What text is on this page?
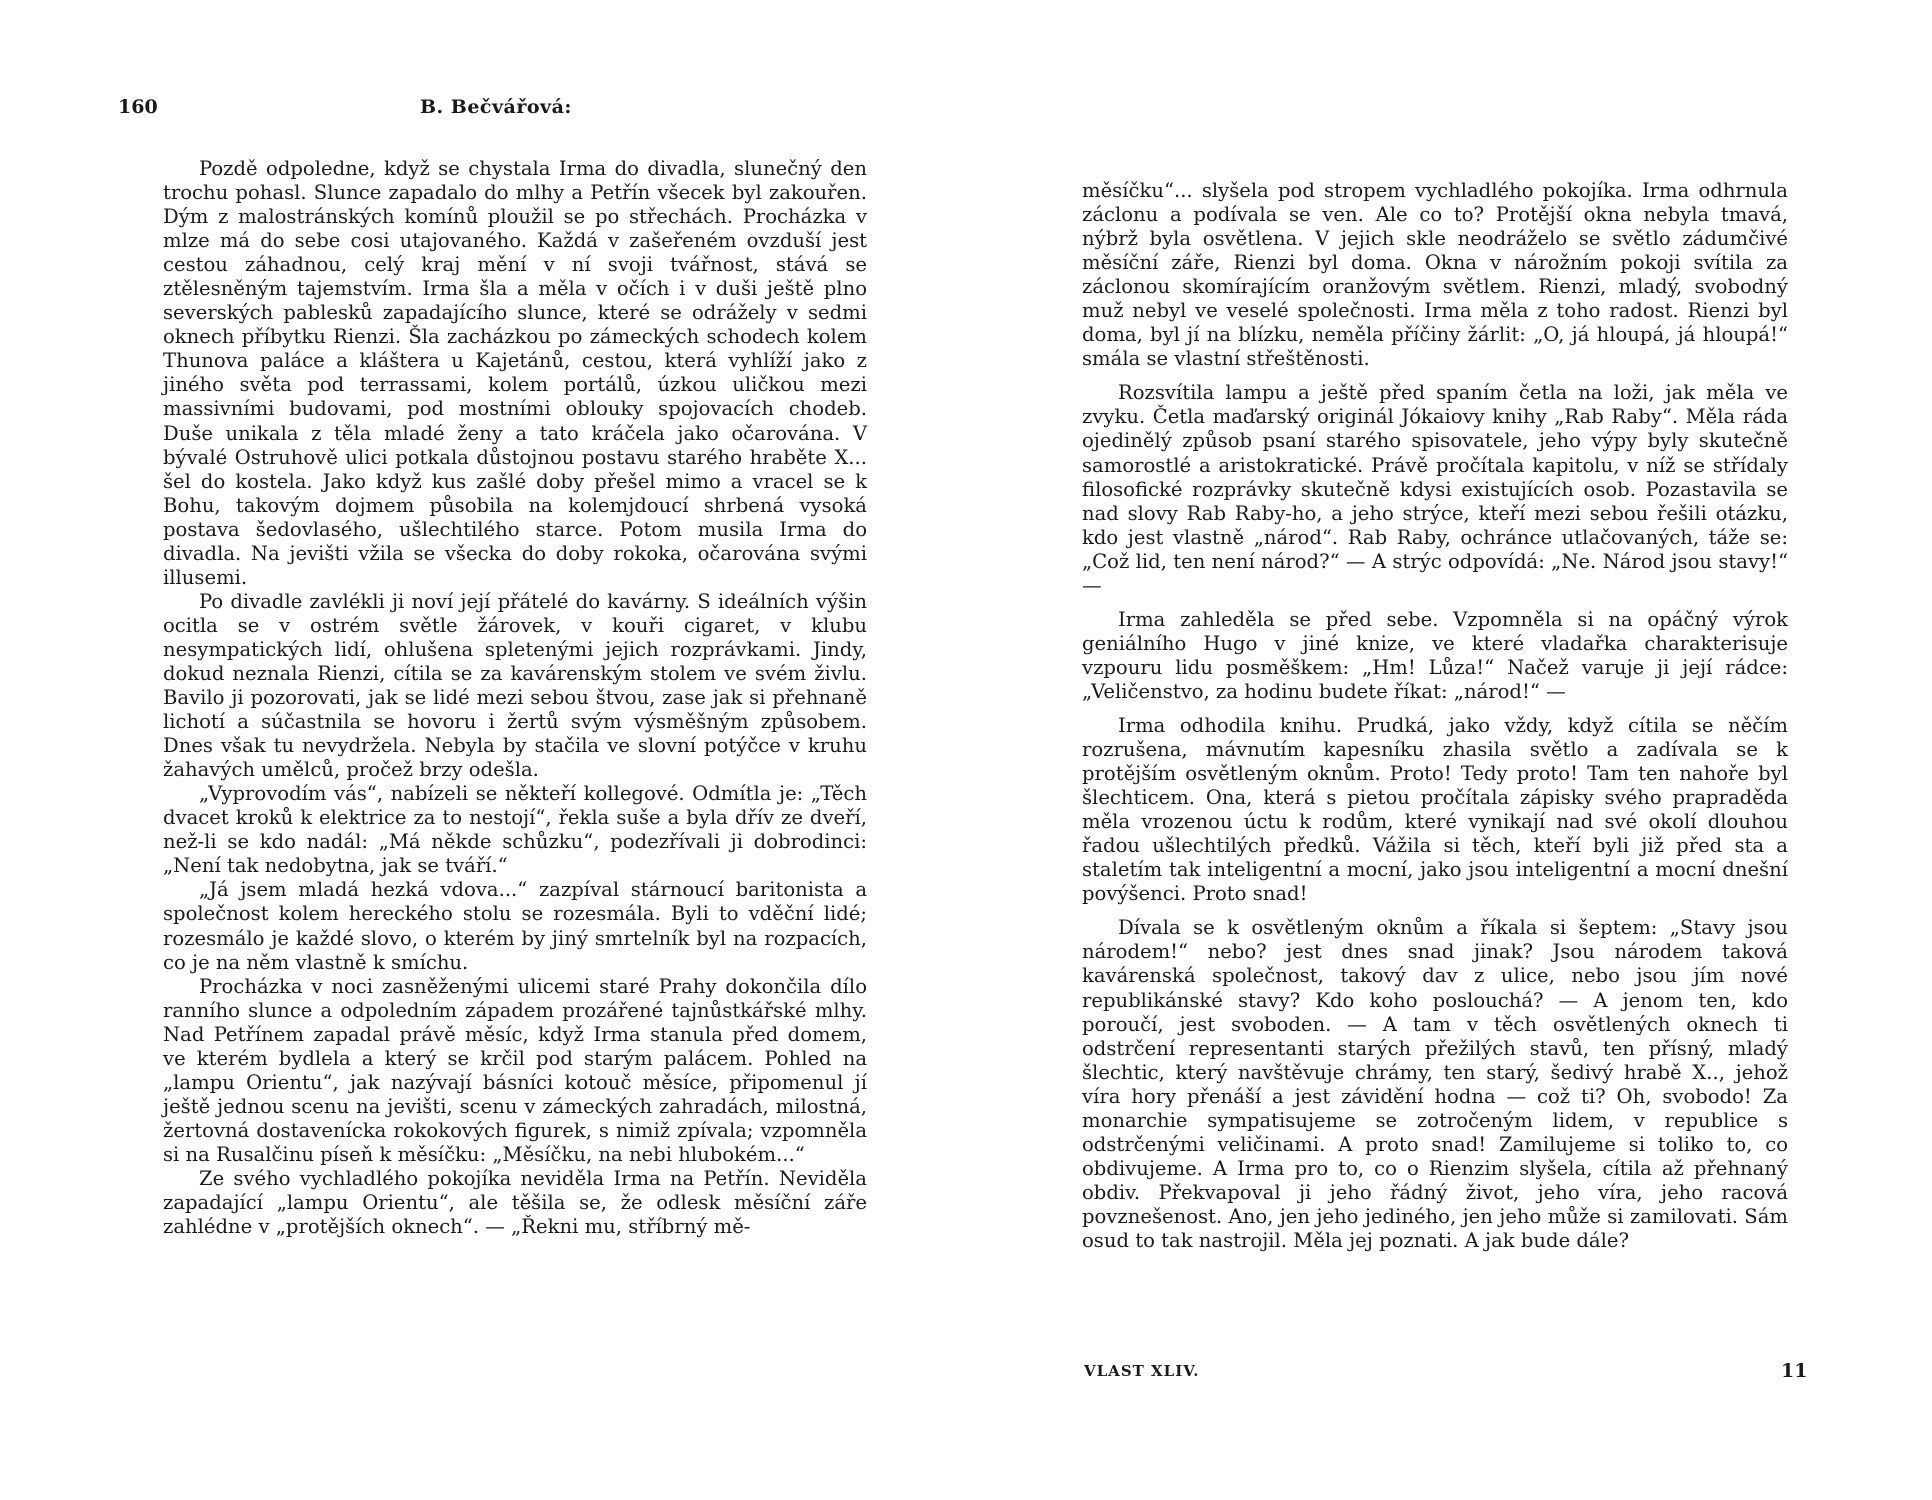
160	B. Bečvářová:

Pozdě odpoledne, když se chystala Irma do divadla, slunečný den trochu pohasl. Slunce zapadalo do mlhy a Petřín všecek byl zakouřen. Dým z malostránských komínů ploužil se po střechách. Procházka v mlze má do sebe cosi utajovaného. Každá v zašeřeném ovzduší jest cestou záhadnou, celý kraj mění v ní svoji tvářnost, stává se ztělesněným tajemstvím. Irma šla a měla v očích i v duši ještě plno severských pablesků zapadajícího slunce, které se odrážely v sedmi oknech příbytku Rienzi. Šla zacházkou po zámeckých schodech kolem Thunova paláce a kláštera u Kajetánů, cestou, která vyhlíží jako z jiného světa pod terrassami, kolem portálů, úzkou uličkou mezi massivními budovami, pod mostními oblouky spojovacích chodeb. Duše unikala z těla mladé ženy a tato kráčela jako očarována. V bývalé Ostruhově ulici potkala důstojnou postavu starého hraběte X... šel do kostela. Jako když kus zašlé doby přešel mimo a vracel se k Bohu, takovým dojmem působila na kolemjdoucí shrbená vysoká postava šedovlasého, ušlechtilého starce. Potom musila Irma do divadla. Na jevišti vžila se všecka do doby rokoka, očarována svými illusemi.

Po divadle zavlékli ji noví její přátelé do kavárny. S ideálních výšin ocitla se v ostrém světle žárovek, v kouři cigaret, v klubu nesympatických lidí, ohlušena spletenými jejich rozprávkami. Jindy, dokud neznala Rienzi, cítila se za kavárenským stolem ve svém živlu. Bavilo ji pozorovati, jak se lidé mezi sebou štvou, zase jak si přehnaně lichotí a súčastnila se hovoru i žertů svým výsměšným způsobem. Dnes však tu nevydržela. Nebyla by stačila ve slovní potýčce v kruhu žahavých umělců, pročež brzy odešla.

„Vyprovodím vás“, nabízeli se někteří kollegové. Odmítla je: „Těch dvacet kroků k elektrice za to nestojí“, řekla suše a byla dřív ze dveří, než-li se kdo nadál: „Má někde schůzku“, podezřívali ji dobrodinci: „Není tak nedobytna, jak se tváří.“

„Já jsem mladá hezká vdova...“ zazpíval stárnoucí baritonista a společnost kolem hereckého stolu se rozesmála. Byli to vděční lidé; rozesmálo je každé slovo, o kterém by jiný smrtelník byl na rozpacích, co je na něm vlastně k smíchu.

Procházka v noci zasněženými ulicemi staré Prahy dokončila dílo ranního slunce a odpoledním západem prozářené tajnůstkářské mlhy. Nad Petřínem zapadal právě měsíc, když Irma stanula před domem, ve kterém bydlela a který se krčil pod starým palácem. Pohled na „lampu Orientu“, jak nazývají básníci kotouč měsíce, připomenul jí ještě jednou scenu na jevišti, scenu v zámeckých zahradách, milostná, žertovná dostavenícka rokokových figurek, s nimiž zpívala; vzpomněla si na Rusalčinu píseň k měsíčku: „Měsíčku, na nebi hlubokém...“

Ze svého vychladlého pokojíka neviděla Irma na Petřín. Neviděla zapadající „lampu Orientu“, ale těšila se, že odlesk měsíční záře zahlédne v „protějších oknech“. — „Řekni mu, stříbrný mě-

měsíčku“... slyšela pod stropem vychladlého pokojíka. Irma odhrnula záclonu a podívala se ven. Ale co to? Protější okna nebyla tmavá, nýbrž byla osvětlena. V jejich skle neodráželo se světlo zádumčivé měsíční záře, Rienzi byl doma. Okna v nárožním pokoji svítila za záclonou skomírajícím oranžovým světlem. Rienzi, mladý, svobodný muž nebyl ve veselé společnosti. Irma měla z toho radost. Rienzi byl doma, byl jí na blízku, neměla příčiny žárlit: „O, já hloupá, já hloupá!“ smála se vlastní střeštěnosti.

Rozsvítila lampu a ještě před spaním četla na loži, jak měla ve zvyku. Četla maďarský originál Jókaiovy knihy „Rab Raby“. Měla ráda ojedinělý způsob psaní starého spisovatele, jeho výpy byly skutečně samorostlé a aristokratické. Právě pročítala kapitolu, v níž se střídaly filosofické rozprávky skutečně kdysi existujících osob. Pozastavila se nad slovy Rab Raby-ho, a jeho strýce, kteří mezi sebou řešili otázku, kdo jest vlastně „národ“. Rab Raby, ochránce utlačovaných, táže se: „Což lid, ten není národ?“ — A strýc odpovídá: „Ne. Národ jsou stavy!“ —

Irma zahleděla se před sebe. Vzpomněla si na opáčný výrok geniálního Hugo v jiné knize, ve které vladařka charakterisuje vzpouru lidu posměškem: „Hm! Lůza!“ Načež varuje ji její rádce: „Veličenstvo, za hodinu budete říkat: „národ!“ —

Irma odhodila knihu. Prudká, jako vždy, když cítila se něčím rozrušena, mávnutím kapesníku zhasila světlo a zadívala se k protějším osvětleným oknům. Proto! Tedy proto! Tam ten nahoře byl šlechticem. Ona, která s pietou pročítala zápisky svého prapraděda měla vrozenou úctu k rodům, které vynikají nad své okolí dlouhou řadou ušlechtilých předků. Vážila si těch, kteří byli již před sta a staletím tak inteligentní a mocní, jako jsou inteligentní a mocní dnešní povýšenci. Proto snad!

Dívala se k osvětleným oknům a říkala si šeptem: „Stavy jsou národem!“ nebo? jest dnes snad jinak? Jsou národem taková kavárenská společnost, takový dav z ulice, nebo jsou jím nové republikánské stavy? Kdo koho poslouchá? — A jenom ten, kdo poroučí, jest svoboden. — A tam v těch osvětlených oknech ti odstrčení representanti starých přežilých stavů, ten přísný, mladý šlechtic, který navštěvuje chrámy, ten starý, šedivý hrabě X.., jehož víra hory přenáší a jest závidění hodna — což ti? Oh, svobodo! Za monarchie sympatisujeme se zotročeným lidem, v republice s odstrčenými veličinami. A proto snad! Zamilujeme si toliko to, co obdivujeme. A Irma pro to, co o Rienzim slyšela, cítila až přehnaný obdiv. Překvapoval ji jeho řádný život, jeho víra, jeho racová povznešenost. Ano, jen jeho jediného, jen jeho může si zamilovati. Sám osud to tak nastrojil. Měla jej poznati. A jak bude dále?

VLAST XLIV.	11
